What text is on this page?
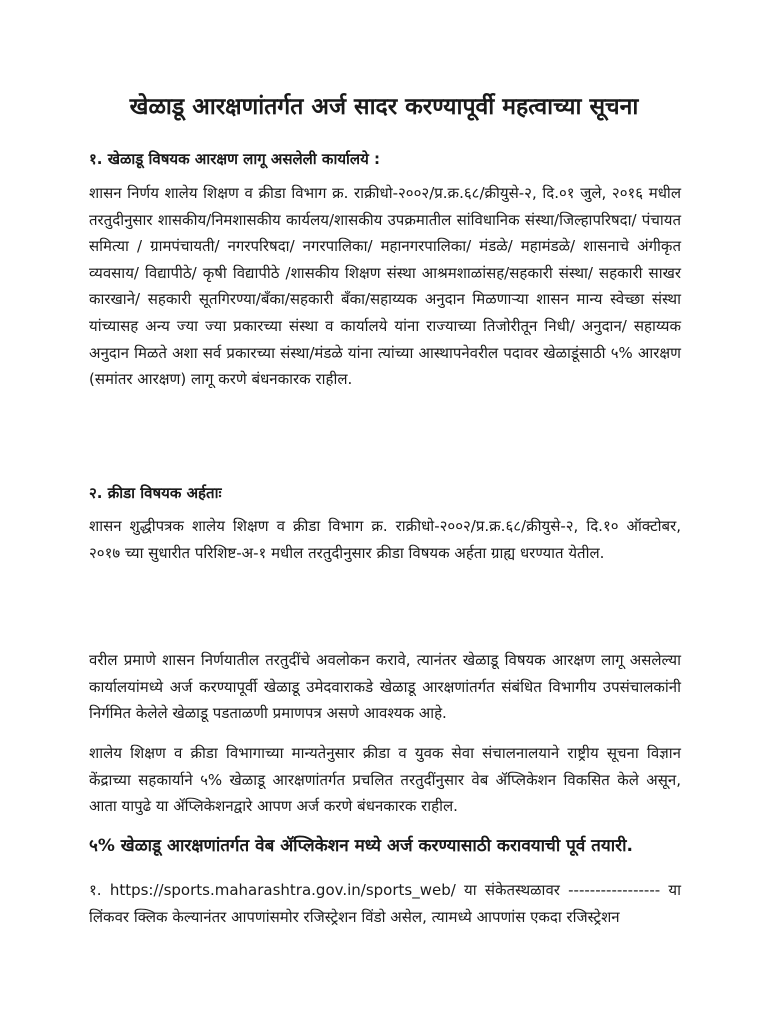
खेळाडू आरक्षणांतर्गत अर्ज सादर करण्यापूर्वी महत्वाच्या सूचना

१. खेळाडू विषयक आरक्षण लागू असलेली कार्यालये :

शासन निर्णय शालेय शिक्षण व क्रीडा विभाग क्र. राक्रीधो-२००२/प्र.क्र.६८/क्रीयुसे-२, दि.०१ जुले, २०१६ मधील तरतुदीनुसार शासकीय/निमशासकीय कार्यलय/शासकीय उपक्रमातील सांविधानिक संस्था/जिल्हापरिषदा/ पंचायत समित्या / ग्रामपंचायती/ नगरपरिषदा/ नगरपालिका/ महानगरपालिका/ मंडळे/ महामंडळे/ शासनाचे अंगीकृत व्यवसाय/ विद्यापीठे/ कृषी विद्यापीठे /शासकीय शिक्षण संस्था आश्रमशाळांसह/सहकारी संस्था/ सहकारी साखर कारखाने/ सहकारी सूतगिरण्या/बँका/सहकारी बँका/सहाय्यक अनुदान मिळणाऱ्या शासन मान्य स्वेच्छा संस्था यांच्यासह अन्य ज्या ज्या प्रकारच्या संस्था व कार्यालये यांना राज्याच्या तिजोरीतून निधी/ अनुदान/ सहाय्यक अनुदान मिळते अशा सर्व प्रकारच्या संस्था/मंडळे यांना त्यांच्या आस्थापनेवरील पदावर खेळाडूंसाठी ५% आरक्षण (समांतर आरक्षण) लागू करणे बंधनकारक राहील.

२. क्रीडा विषयक अर्हताः

शासन शुद्धीपत्रक शालेय शिक्षण व क्रीडा विभाग क्र. राक्रीधो-२००२/प्र.क्र.६८/क्रीयुसे-२, दि.१० ऑक्टोबर, २०१७ च्या सुधारीत परिशिष्ट-अ-१ मधील तरतुदीनुसार क्रीडा विषयक अर्हता ग्राह्य धरण्यात येतील.

वरील प्रमाणे शासन निर्णयातील तरतुदींचे अवलोकन करावे, त्यानंतर खेळाडू विषयक आरक्षण लागू असलेल्या कार्यालयांमध्ये अर्ज करण्यापूर्वी खेळाडू उमेदवाराकडे खेळाडू आरक्षणांतर्गत संबंधित विभागीय उपसंचालकांनी निर्गमित केलेले खेळाडू पडताळणी प्रमाणपत्र असणे आवश्यक आहे.

शालेय शिक्षण व क्रीडा विभागाच्या मान्यतेनुसार क्रीडा व युवक सेवा संचालनालयाने राष्ट्रीय सूचना विज्ञान केंद्राच्या सहकार्याने ५% खेळाडू आरक्षणांतर्गत प्रचलित तरतुदींनुसार वेब ॲप्लिकेशन विकसित केले असून, आता यापुढे या ॲप्लिकेशनद्वारे आपण अर्ज करणे बंधनकारक राहील.

५% खेळाडू आरक्षणांतर्गत वेब ॲप्लिकेशन मध्ये अर्ज करण्यासाठी करावयाची पूर्व तयारी.

१. https://sports.maharashtra.gov.in/sports_web/ या संकेतस्थळावर ----------------- या लिंकवर क्लिक केल्यानंतर आपणांसमोर रजिस्ट्रेशन विंडो असेल, त्यामध्ये आपणांस एकदा रजिस्ट्रेशन
